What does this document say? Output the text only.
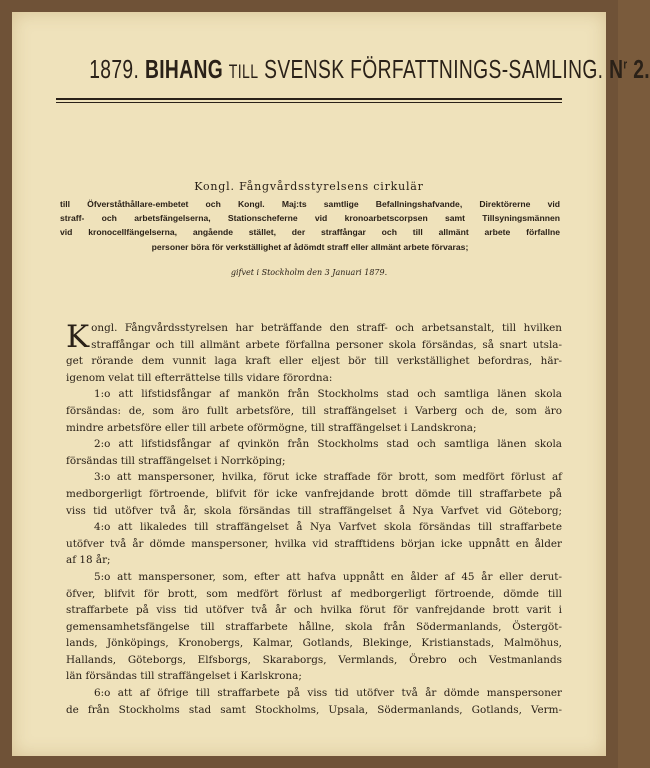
1879. BIHANG TILL SVENSK FÖRFATTNINGS-SAMLING. $N^r$ 2.
Kongl. Fångvårdsstyrelsens cirkulär
till Öfverståthållare-embetet och Kongl. Maj:ts samtlige Befallningshafvande, Direktörerne vid
straff- och arbetsfängelserna, Stationscheferne vid kronoarbetscorpsen samt Tillsyningsmännen
vid kronocellfängelserna, angående stället, der straffångar och till allmänt arbete förfallne
personer böra för verkställighet af ådömdt straff eller allmänt arbete förvaras;
gifvet i Stockholm den 3 Januari 1879.
K ongl. Fångvårdsstyrelsen har beträffande den straff- och arbetsanstalt, till hvilken
straffångar och till allmänt arbete förfallna personer skola försändas, så snart utsla-
get rörande dem vunnit laga kraft eller eljest bör till verkställighet befordras, här-
igenom velat till efterrättelse tills vidare förordna:
1:o att lifstidsfångar af mankön från Stockholms stad och samtliga länen skola
försändas: de, som äro fullt arbetsföre, till straffängelset i Varberg och de, som äro
mindre arbetsföre eller till arbete oförmögne, till straffängelset i Landskrona;
2:o att lifstidsfångar af qvinkön från Stockholms stad och samtliga länen skola
försändas till straffängelset i Norrköping;
3:o att manspersoner, hvilka, förut icke straffade för brott, som medfört förlust af
medborgerligt förtroende, blifvit för icke vanfrejdande brott dömde till straffarbete på
viss tid utöfver två år, skola försändas till straffängelset å Nya Varfvet vid Göteborg;
4:o att likaledes till straffängelset å Nya Varfvet skola försändas till straffarbete
utöfver två år dömde manspersoner, hvilka vid strafftidens början icke uppnått en ålder
af 18 år;
5:o att manspersoner, som, efter att hafva uppnått en ålder af 45 år eller derut-
öfver, blifvit för brott, som medfört förlust af medborgerligt förtroende, dömde till
straffarbete på viss tid utöfver två år och hvilka förut för vanfrejdande brott varit i
gemensamhetsfängelse till straffarbete hållne, skola från Södermanlands, Östergöt-
lands, Jönköpings, Kronobergs, Kalmar, Gotlands, Blekinge, Kristianstads, Malmöhus,
Hallands, Göteborgs, Elfsborgs, Skaraborgs, Vermlands, Örebro och Vestmanlands
län försändas till straffängelset i Karlskrona;
6:o att af öfrige till straffarbete på viss tid utöfver två år dömde manspersoner
de från Stockholms stad samt Stockholms, Upsala, Södermanlands, Gotlands, Verm-
